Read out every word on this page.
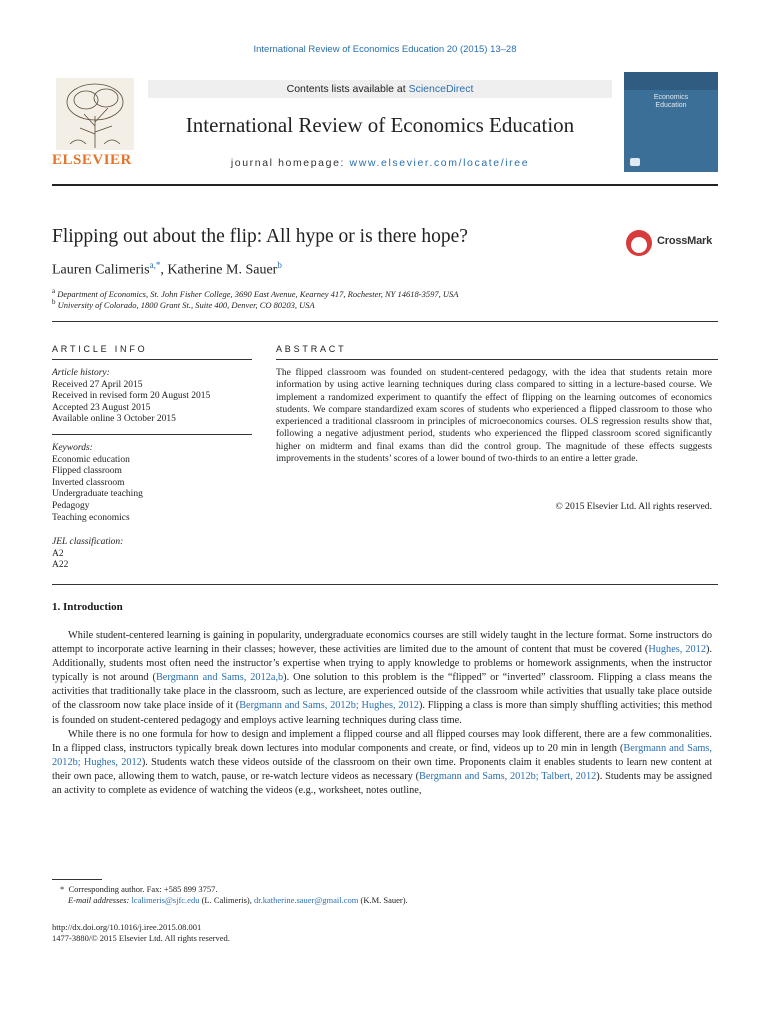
International Review of Economics Education 20 (2015) 13–28
ELSEVIER
Contents lists available at ScienceDirect
International Review of Economics Education
journal homepage: www.elsevier.com/locate/iree
Economics
Education
Flipping out about the flip: All hype or is there hope?	CrossMark
Lauren Calimeris$^{a,*}$, Katherine M. Sauer$^b$
$^a$ Department of Economics, St. John Fisher College, 3690 East Avenue, Kearney 417, Rochester, NY 14618-3597, USA
$^b$ University of Colorado, 1800 Grant St., Suite 400, Denver, CO 80203, USA
ARTICLE INFO
Article history:
Received 27 April 2015
Received in revised form 20 August 2015
Accepted 23 August 2015
Available online 3 October 2015
Keywords:
Economic education
Flipped classroom
Inverted classroom
Undergraduate teaching
Pedagogy
Teaching economics
JEL classification:
A2
A22
ABSTRACT
The flipped classroom was founded on student-centered pedagogy, with the idea that students retain more information by using active learning techniques during class compared to sitting in a lecture-based course. We implement a randomized experiment to quantify the effect of flipping on the learning outcomes of economics students. We compare standardized exam scores of students who experienced a flipped classroom to those who experienced a traditional classroom in principles of microeconomics courses. OLS regression results show that, following a negative adjustment period, students who experienced the flipped classroom scored significantly higher on midterm and final exams than did the control group. The magnitude of these effects suggests improvements in the students’ scores of a lower bound of two-thirds to an entire a letter grade.
© 2015 Elsevier Ltd. All rights reserved.
1. Introduction

While student-centered learning is gaining in popularity, undergraduate economics courses are still widely taught in the lecture format. Some instructors do attempt to incorporate active learning in their classes; however, these activities are limited due to the amount of content that must be covered (Hughes, 2012). Additionally, students most often need the instructor’s expertise when trying to apply knowledge to problems or homework assignments, when the instructor typically is not around (Bergmann and Sams, 2012a,b). One solution to this problem is the “flipped” or “inverted” classroom. Flipping a class means the activities that traditionally take place in the classroom, such as lecture, are experienced outside of the classroom while activities that usually take place outside of the classroom now take place inside of it (Bergmann and Sams, 2012b; Hughes, 2012). Flipping a class is more than simply shuffling activities; this method is founded on student-centered pedagogy and employs active learning techniques during class time.

While there is no one formula for how to design and implement a flipped course and all flipped courses may look different, there are a few commonalities. In a flipped class, instructors typically break down lectures into modular components and create, or find, videos up to 20 min in length (Bergmann and Sams, 2012b; Hughes, 2012). Students watch these videos outside of the classroom on their own time. Proponents claim it enables students to learn new content at their own pace, allowing them to watch, pause, or re-watch lecture videos as necessary (Bergmann and Sams, 2012b; Talbert, 2012). Students may be assigned an activity to complete as evidence of watching the videos (e.g., worksheet, notes outline,

* Corresponding author. Fax: +585 899 3757.
E-mail addresses: lcalimeris@sjfc.edu (L. Calimeris), dr.katherine.sauer@gmail.com (K.M. Sauer).
http://dx.doi.org/10.1016/j.iree.2015.08.001
1477-3880/© 2015 Elsevier Ltd. All rights reserved.
